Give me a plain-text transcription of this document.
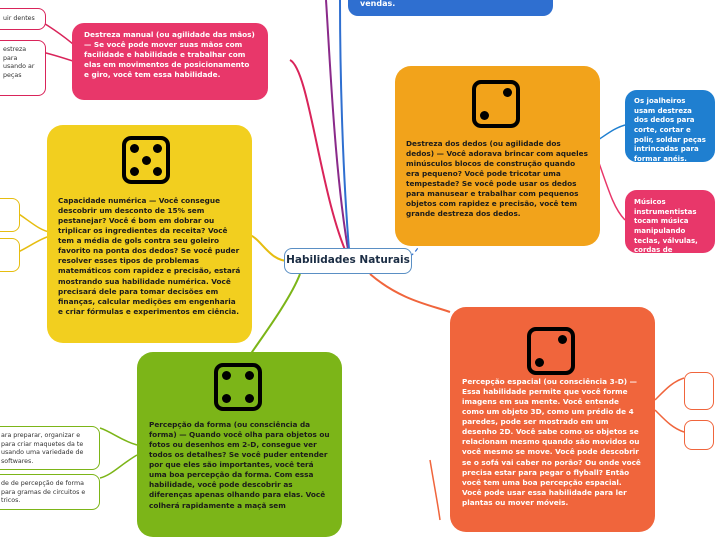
vendas.
uir dentes
estreza para usando ar peças
Destreza manual (ou agilidade das mãos) — Se você pode mover suas mãos com facilidade e habilidade e trabalhar com elas em movimentos de posicionamento e giro, você tem essa habilidade.
Capacidade numérica — Você consegue descobrir um desconto de 15% sem pestanejar? Você é bom em dobrar ou triplicar os ingredientes da receita? Você tem a média de gols contra seu goleiro favorito na ponta dos dedos? Se você puder resolver esses tipos de problemas matemáticos com rapidez e precisão, estará mostrando sua habilidade numérica. Você precisará dele para tomar decisões em finanças, calcular medições em engenharia e criar fórmulas e experimentos em ciência.
Destreza dos dedos (ou agilidade dos dedos) — Você adorava brincar com aqueles minúsculos blocos de construção quando era pequeno? Você pode tricotar uma tempestade? Se você pode usar os dedos para manusear e trabalhar com pequenos objetos com rapidez e precisão, você tem grande destreza dos dedos.
Os joalheiros usam destreza dos dedos para corte, cortar e polir, soldar peças intrincadas para formar anéis.
Músicos instrumentistas tocam música manipulando teclas, válvulas, cordas de instrumentos.
Habilidades Naturais
Percepção da forma (ou consciência da forma) — Quando você olha para objetos ou fotos ou desenhos em 2-D, consegue ver todos os detalhes? Se você puder entender por que eles são importantes, você terá uma boa percepção da forma. Com essa habilidade, você pode descobrir as diferenças apenas olhando para elas. Você colherá rapidamente a maçã sem
ara preparar, organizar e para criar maquetes da te usando uma variedade de softwares.
de de percepção de forma para gramas de circuitos e tricos.
Percepção espacial (ou consciência 3-D) — Essa habilidade permite que você forme imagens em sua mente. Você entende como um objeto 3D, como um prédio de 4 paredes, pode ser mostrado em um desenho 2D. Você sabe como os objetos se relacionam mesmo quando são movidos ou você mesmo se move. Você pode descobrir se o sofá vai caber no porão? Ou onde você precisa estar para pegar o flyball? Então você tem uma boa percepção espacial. Você pode usar essa habilidade para ler plantas ou mover móveis.
